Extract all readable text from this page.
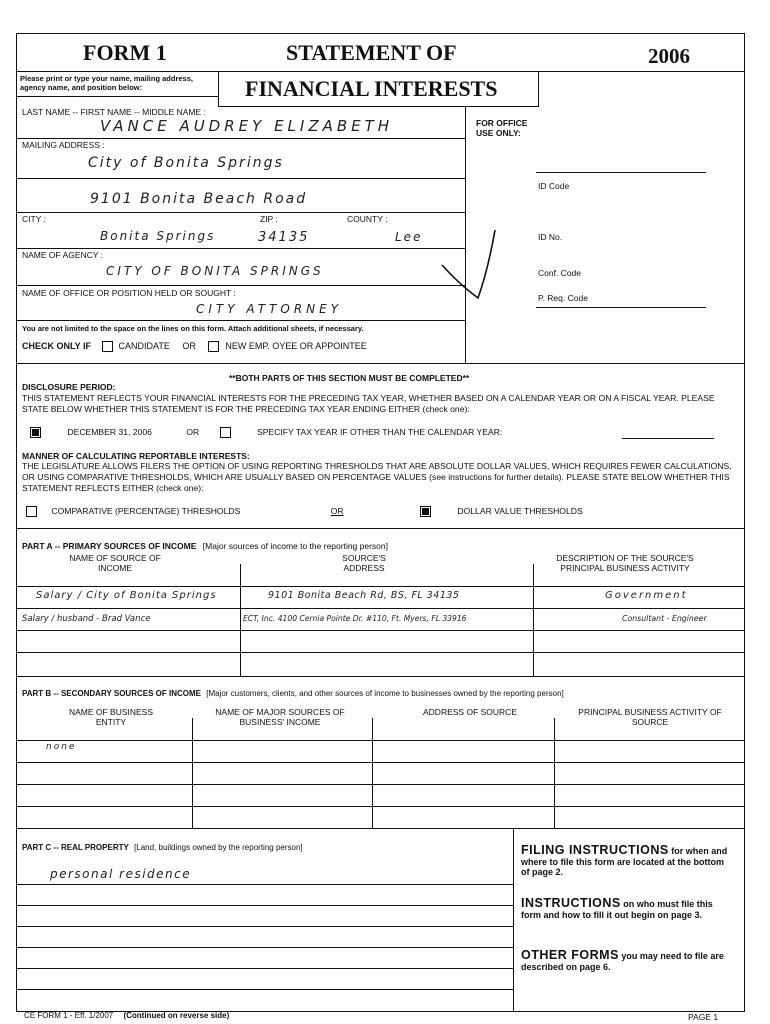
FORM 1	STATEMENT OF	2006
Please print or type your name, mailing address, agency name, and position below:	FINANCIAL INTERESTS
LAST NAME -- FIRST NAME -- MIDDLE NAME :
VANCE AUDREY ELIZABETH
MAILING ADDRESS :
City of Bonita Springs
9101 Bonita Beach Road
CITY :	ZIP :	COUNTY :
Bonita Springs	34135	Lee
NAME OF AGENCY :
CITY OF BONITA SPRINGS
NAME OF OFFICE OR POSITION HELD OR SOUGHT :
CITY ATTORNEY
You are not limited to the space on the lines on this form. Attach additional sheets, if necessary.
CHECK ONLY IF	CANDIDATE OR	NEW EMP. OYEE OR APPOINTEE
FOR OFFICE
USE ONLY:
ID Code
ID No.
Conf. Code
P. Req. Code
**BOTH PARTS OF THIS SECTION MUST BE COMPLETED**
DISCLOSURE PERIOD:
THIS STATEMENT REFLECTS YOUR FINANCIAL INTERESTS FOR THE PRECEDING TAX YEAR, WHETHER BASED ON A CALENDAR YEAR OR ON A FISCAL YEAR. PLEASE STATE BELOW WHETHER THIS STATEMENT IS FOR THE PRECEDING TAX YEAR ENDING EITHER (check one):
DECEMBER 31, 2006	OR	SPECIFY TAX YEAR IF OTHER THAN THE CALENDAR YEAR:
MANNER OF CALCULATING REPORTABLE INTERESTS:
THE LEGISLATURE ALLOWS FILERS THE OPTION OF USING REPORTING THRESHOLDS THAT ARE ABSOLUTE DOLLAR VALUES, WHICH REQUIRES FEWER CALCULATIONS, OR USING COMPARATIVE THRESHOLDS, WHICH ARE USUALLY BASED ON PERCENTAGE VALUES (see instructions for further details). PLEASE STATE BELOW WHETHER THIS STATEMENT REFLECTS EITHER (check one):
COMPARATIVE (PERCENTAGE) THRESHOLDS	OR	DOLLAR VALUE THRESHOLDS
PART A -- PRIMARY SOURCES OF INCOME [Major sources of income to the reporting person]
NAME OF SOURCE OF INCOME
SOURCE'S ADDRESS
DESCRIPTION OF THE SOURCE'S PRINCIPAL BUSINESS ACTIVITY
Salary / City of Bonita Springs	9101 Bonita Beach Rd, BS, FL 34135	Government
Salary / husband - Brad Vance	ECT, Inc. 4100 Cernia Pointe Dr. #110, Ft. Myers, FL 33916	Consultant - Engineer
PART B -- SECONDARY SOURCES OF INCOME [Major customers, clients, and other sources of income to businesses owned by the reporting person]
NAME OF BUSINESS ENTITY
NAME OF MAJOR SOURCES OF BUSINESS' INCOME
ADDRESS OF SOURCE	PRINCIPAL BUSINESS ACTIVITY OF SOURCE
none
PART C -- REAL PROPERTY [Land, buildings owned by the reporting person]
personal residence
FILING INSTRUCTIONS for when and where to file this form are located at the bottom of page 2.
INSTRUCTIONS on who must file this form and how to fill it out begin on page 3.
OTHER FORMS you may need to file are described on page 6.
CE FORM 1 - Eff. 1/2007 (Continued on reverse side)	PAGE 1
